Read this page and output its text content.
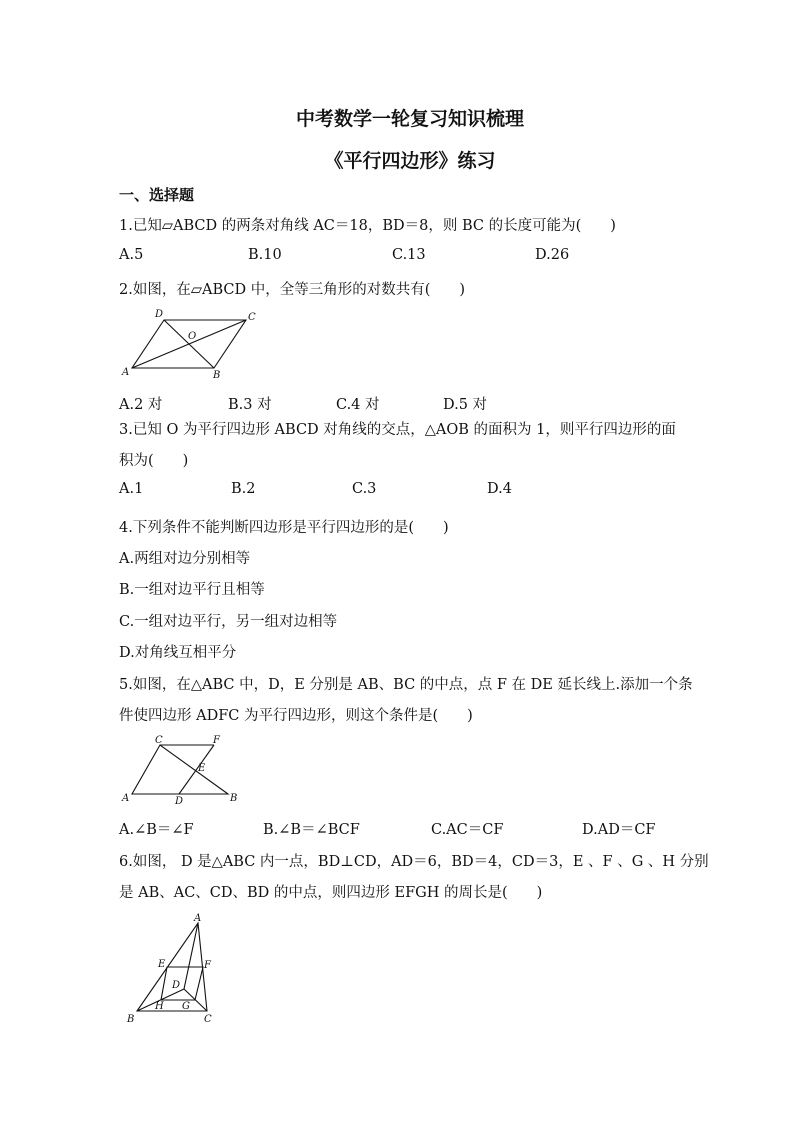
中考数学一轮复习知识梳理
《平行四边形》练习
一、选择题
1.已知▱ABCD 的两条对角线 AC＝18，BD＝8，则 BC 的长度可能为(　　)
A.5	B.10	C.13	D.26
2.如图，在▱ABCD 中，全等三角形的对数共有(　　)
A	B
C
D
O
A.2 对	B.3 对	C.4 对	D.5 对
3.已知 O 为平行四边形 ABCD 对角线的交点，△AOB 的面积为 1，则平行四边形的面
积为(　　)
A.1	B.2	C.3	D.4
4.下列条件不能判断四边形是平行四边形的是(　　)
A.两组对边分别相等
B.一组对边平行且相等
C.一组对边平行，另一组对边相等
D.对角线互相平分
5.如图，在△ABC 中，D，E 分别是 AB、BC 的中点，点 F 在 DE 延长线上.添加一个条
件使四边形 ADFC 为平行四边形，则这个条件是(　　)
A	B
C
D
E
F
A.∠B＝∠F	B.∠B＝∠BCF	C.AC＝CF	D.AD＝CF
6.如图， D 是△ABC 内一点，BD⊥CD，AD＝6，BD＝4，CD＝3，E 、F 、G 、H 分别
是 AB、AC、CD、BD 的中点，则四边形 EFGH 的周长是(　　)
A
B	C
D
E	F
G
H
